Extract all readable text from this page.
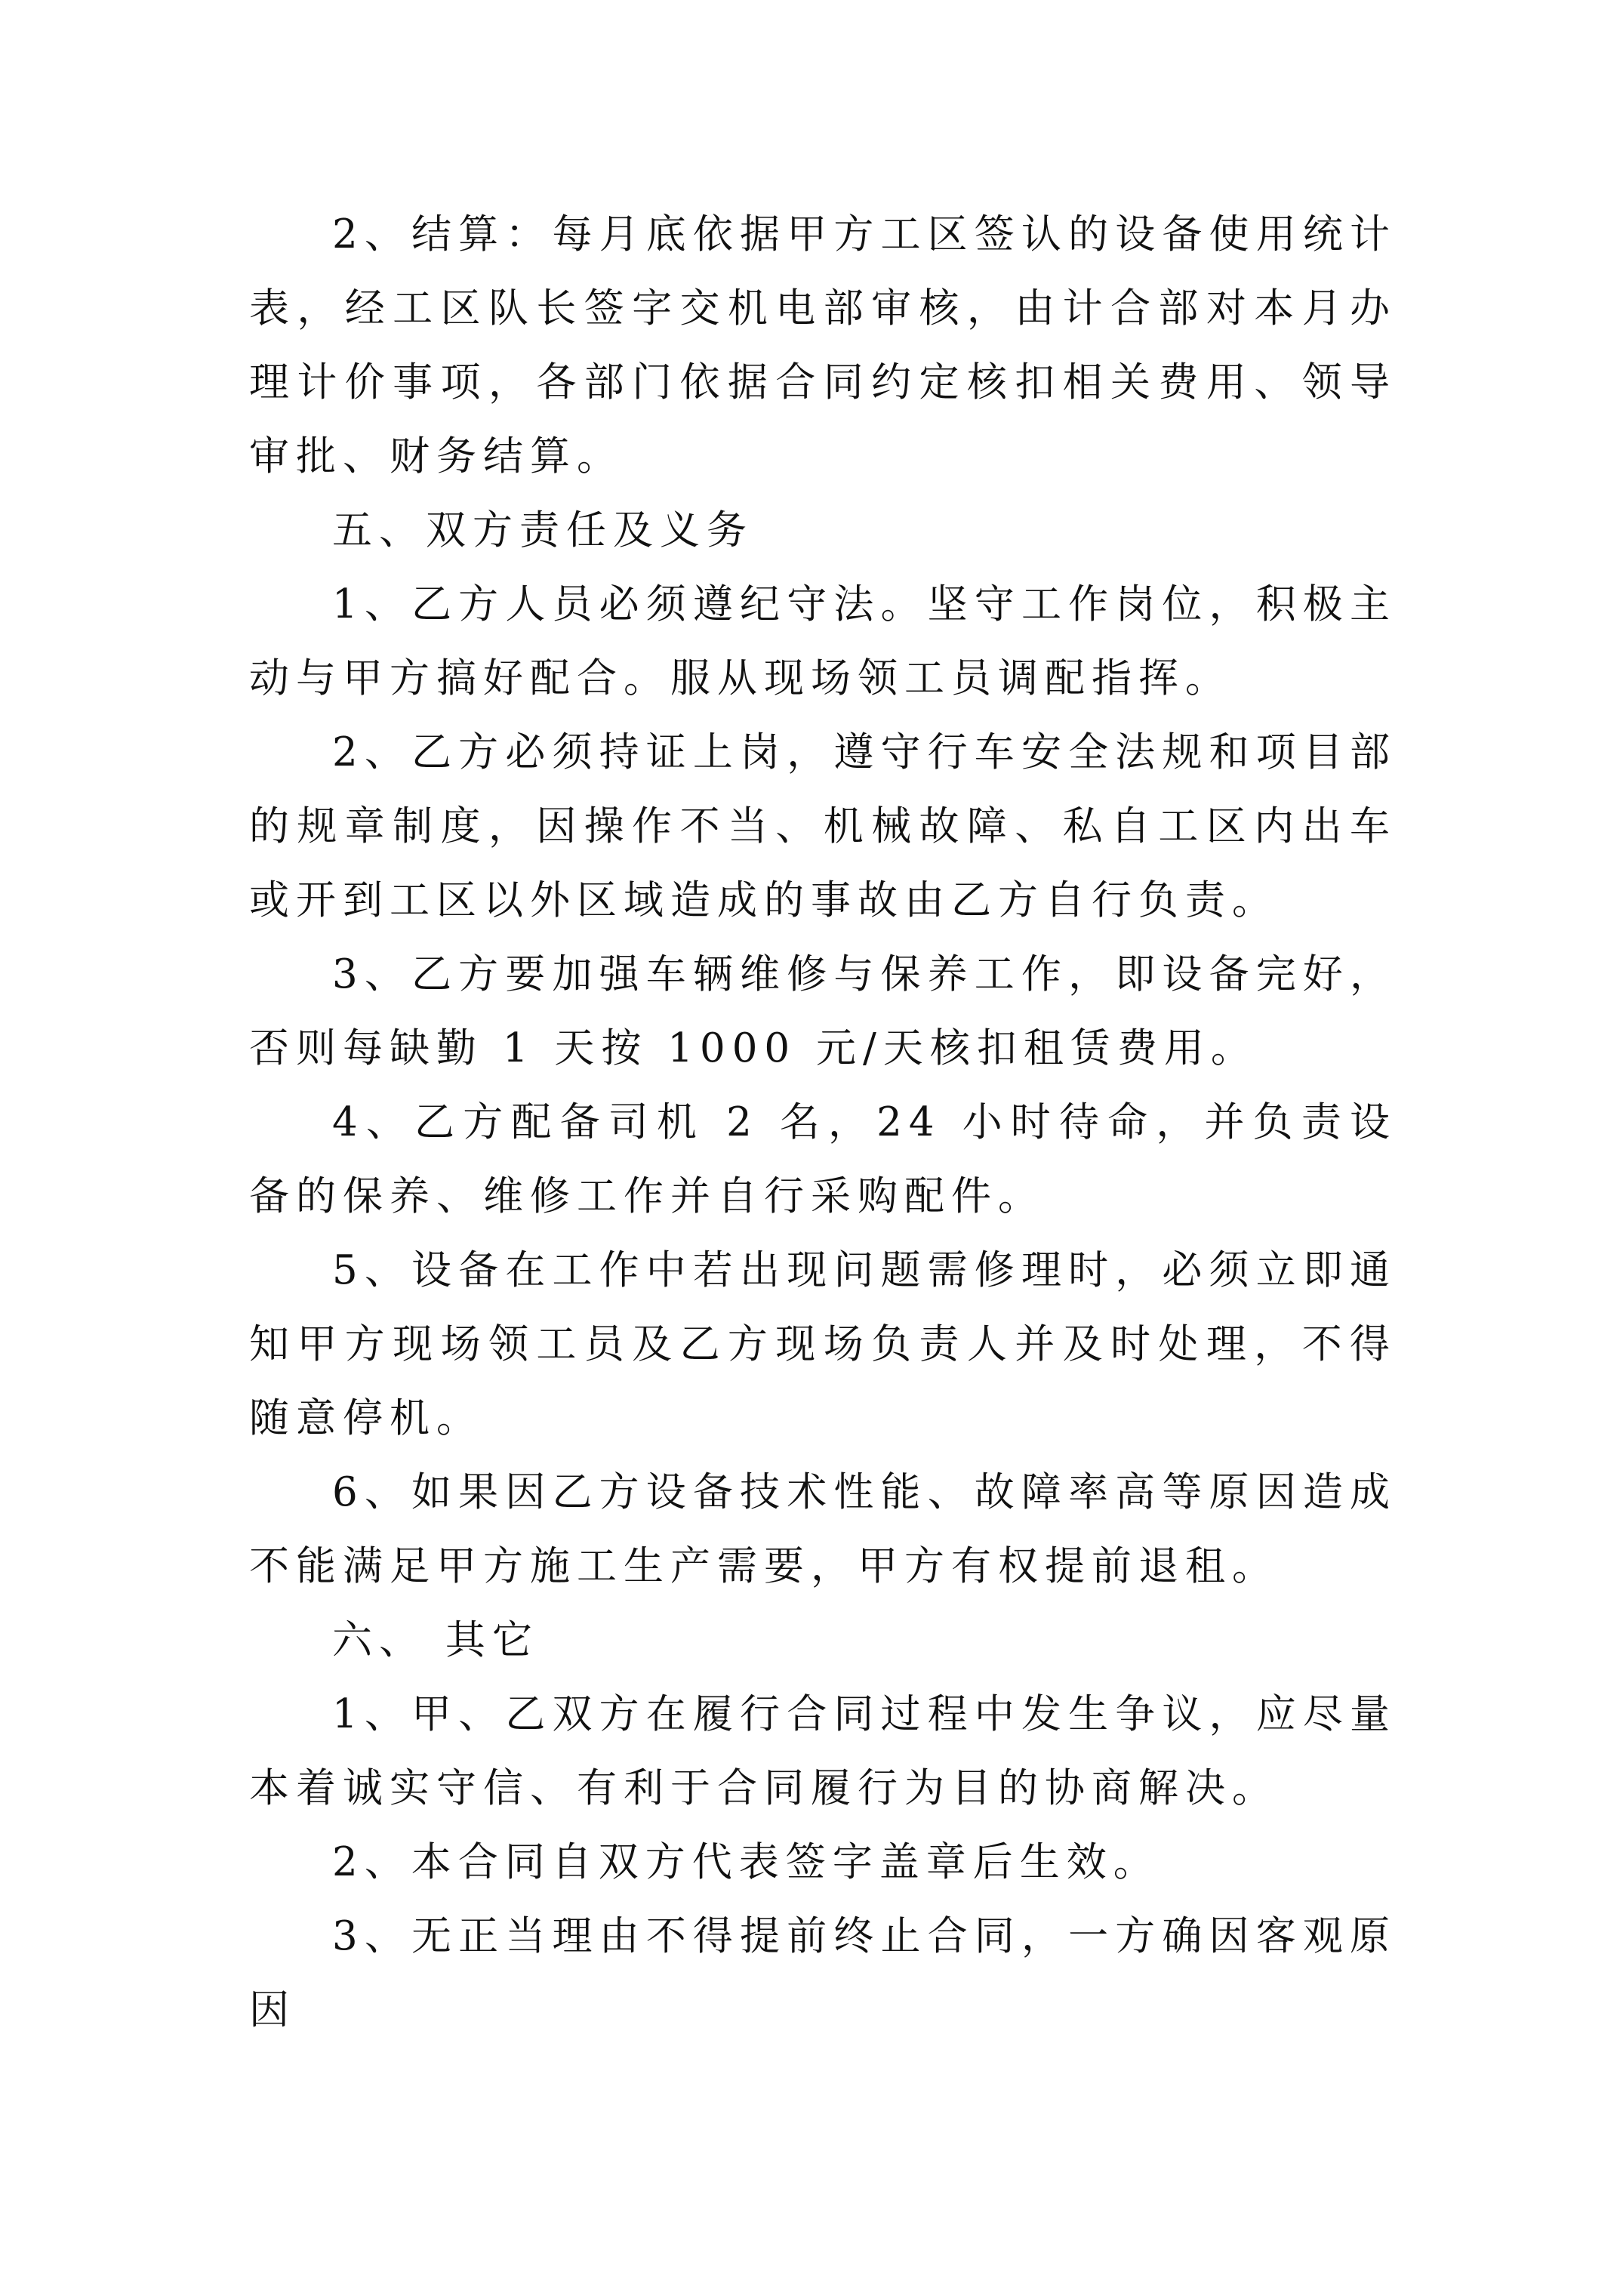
2、结算：每月底依据甲方工区签认的设备使用统计表，经工区队长签字交机电部审核，由计合部对本月办理计价事项，各部门依据合同约定核扣相关费用、领导审批、财务结算。

五、双方责任及义务

1、乙方人员必须遵纪守法。坚守工作岗位，积极主动与甲方搞好配合。服从现场领工员调配指挥。

2、乙方必须持证上岗，遵守行车安全法规和项目部的规章制度，因操作不当、机械故障、私自工区内出车或开到工区以外区域造成的事故由乙方自行负责。

3、乙方要加强车辆维修与保养工作，即设备完好，否则每缺勤 1 天按 1000 元/天核扣租赁费用。

4、乙方配备司机 2 名，24 小时待命，并负责设备的保养、维修工作并自行采购配件。

5、设备在工作中若出现问题需修理时，必须立即通知甲方现场领工员及乙方现场负责人并及时处理，不得随意停机。

6、如果因乙方设备技术性能、故障率高等原因造成不能满足甲方施工生产需要，甲方有权提前退租。

六、 其它

1、甲、乙双方在履行合同过程中发生争议，应尽量本着诚实守信、有利于合同履行为目的协商解决。

2、本合同自双方代表签字盖章后生效。

3、无正当理由不得提前终止合同，一方确因客观原因
